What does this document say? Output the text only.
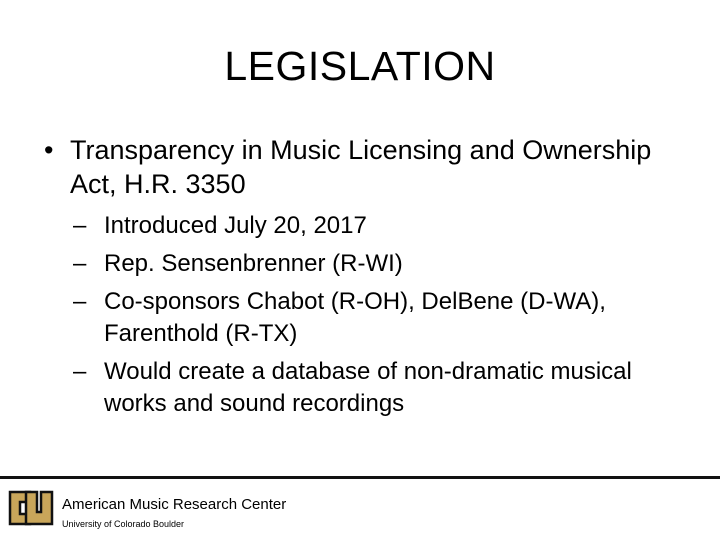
LEGISLATION
• Transparency in Music Licensing and Ownership Act, H.R. 3350
– Introduced July 20, 2017
– Rep. Sensenbrenner (R-WI)
– Co-sponsors Chabot (R-OH), DelBene (D-WA), Farenthold (R-TX)
– Would create a database of non-dramatic musical works and sound recordings
American Music Research Center
University of Colorado Boulder
